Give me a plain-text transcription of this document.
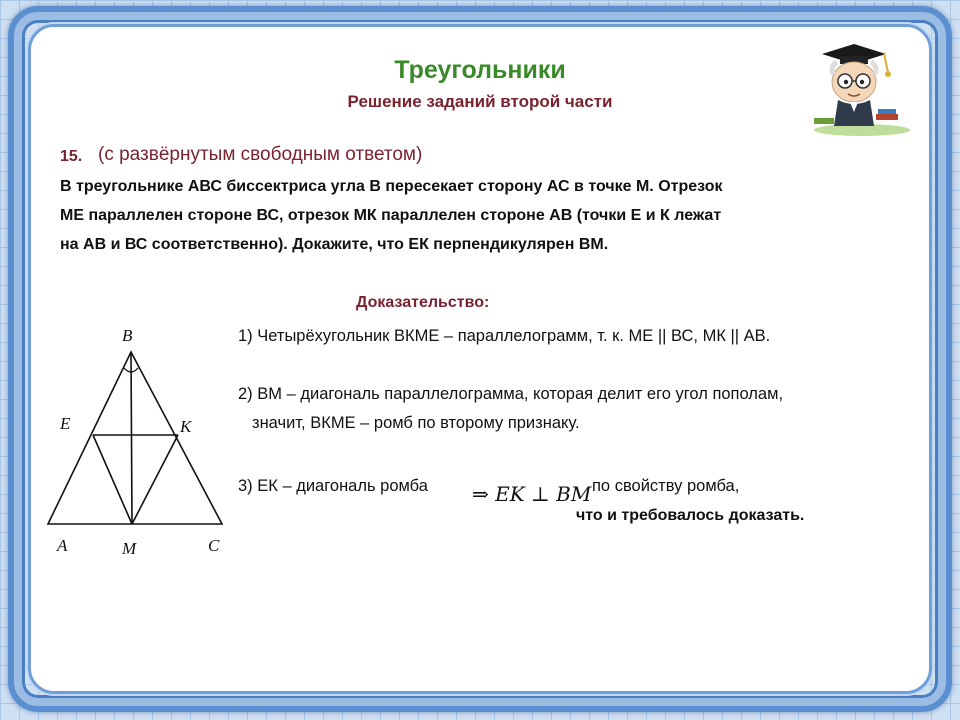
Треугольники
Решение заданий второй части
15. (с развёрнутым свободным ответом)
В треугольнике АВС биссектриса угла В пересекает сторону АС в точке М. Отрезок
МЕ параллелен стороне ВС, отрезок МК параллелен стороне АВ (точки Е и К лежат
на АВ и ВС соответственно). Докажите, что ЕК перпендикулярен ВМ.
Доказательство:
1) Четырёхугольник ВКМЕ – параллелограмм, т. к. МЕ || ВС, МК || АВ.
2) ВМ – диагональ параллелограмма, которая делит его угол пополам,
значит, ВКМЕ – ромб по второму признаку.
3) ЕК – диагональ ромба ⇒ EK ⊥ BM по свойству ромба,
что и требовалось доказать.
B
E	K
A	M	C
